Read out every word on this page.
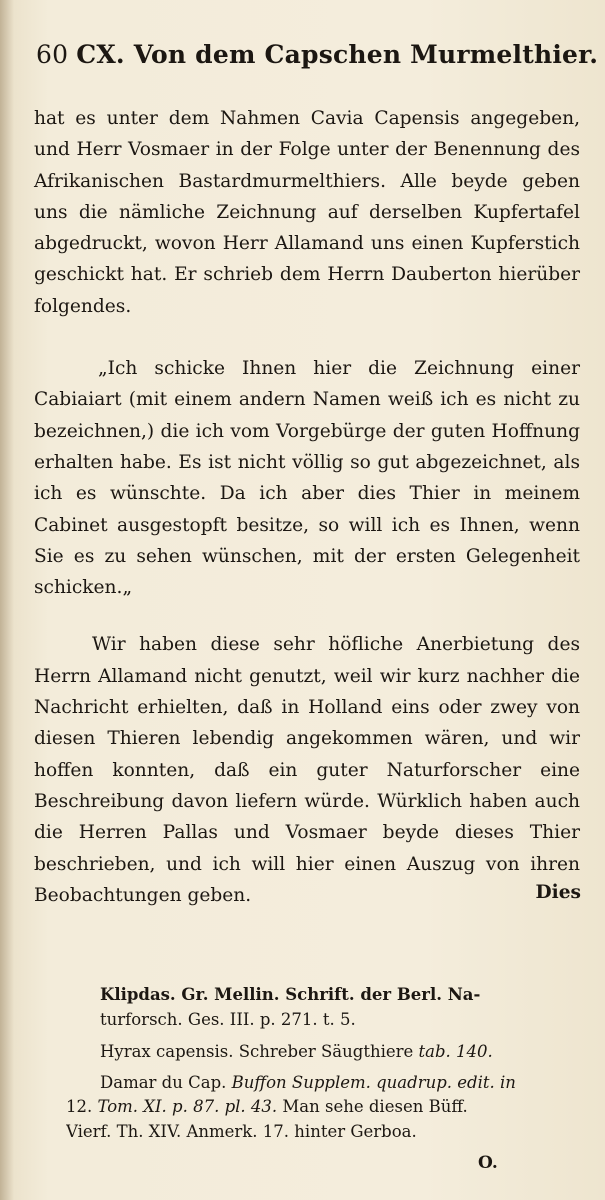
60 CX. Von dem Capschen Murmelthier.

hat es unter dem Nahmen Cavia Capensis angegeben, und Herr Vosmaer in der Folge unter der Benennung des Afrikanischen Bastardmurmelthiers. Alle beyde geben uns die nämliche Zeichnung auf derselben Kupfertafel abgedruckt, wovon Herr Allamand uns einen Kupferstich geschickt hat. Er schrieb dem Herrn Dauberton hierüber folgendes.

„Ich schicke Ihnen hier die Zeichnung einer Cabiaiart (mit einem andern Namen weiß ich es nicht zu bezeichnen,) die ich vom Vorgebürge der guten Hoffnung erhalten habe. Es ist nicht völlig so gut abgezeichnet, als ich es wünschte. Da ich aber dies Thier in meinem Cabinet ausgestopft besitze, so will ich es Ihnen, wenn Sie es zu sehen wünschen, mit der ersten Gelegenheit schicken.„

Wir haben diese sehr höfliche Anerbietung des Herrn Allamand nicht genutzt, weil wir kurz nachher die Nachricht erhielten, daß in Holland eins oder zwey von diesen Thieren lebendig angekommen wären, und wir hoffen konnten, daß ein guter Naturforscher eine Beschreibung davon liefern würde. Würklich haben auch die Herren Pallas und Vosmaer beyde dieses Thier beschrieben, und ich will hier einen Auszug von ihren Beobachtungen geben.	Dies
Klipdas. Gr. Mellin. Schrift. der Berl. Na-
turforsch. Ges. III. p. 271. t. 5.
Hyrax capensis. Schreber Säugthiere tab. 140.
Damar du Cap. Buffon Supplem. quadrup. edit. in
12. Tom. XI. p. 87. pl. 43. Man sehe diesen Büff.
Vierf. Th. XIV. Anmerk. 17. hinter Gerboa.
O.
